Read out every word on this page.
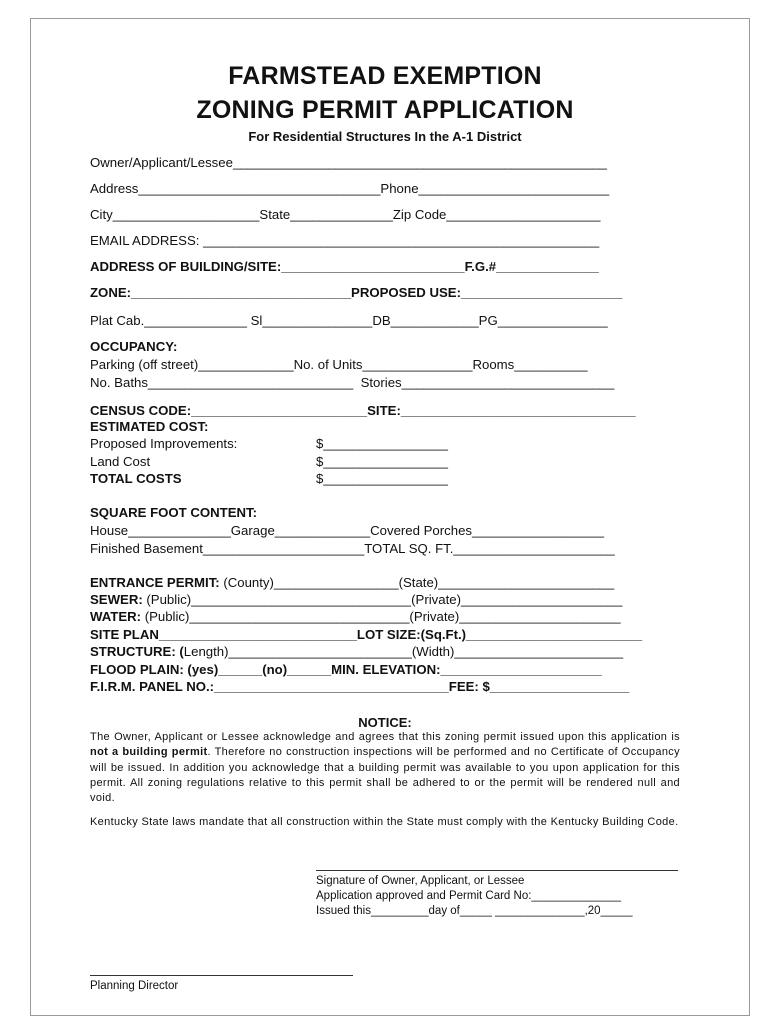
FARMSTEAD EXEMPTION
ZONING PERMIT APPLICATION
For Residential Structures In the A-1 District
Owner/Applicant/Lessee___________________________________________________
Address_________________________________Phone__________________________
City____________________State______________Zip Code_____________________
EMAIL ADDRESS: ______________________________________________________
ADDRESS OF BUILDING/SITE:_________________________F.G.#______________
ZONE:______________________________PROPOSED USE:______________________
Plat Cab.______________ Sl_______________DB____________PG_______________
OCCUPANCY:
Parking (off street)_____________No. of Units_______________Rooms__________
No. Baths____________________________  Stories_____________________________
CENSUS CODE:________________________SITE:________________________________
ESTIMATED COST:
Proposed Improvements:	$_________________
Land Cost	$_________________
TOTAL COSTS	$_________________
SQUARE FOOT CONTENT:
House______________Garage_____________Covered Porches__________________
Finished Basement______________________TOTAL SQ. FT.______________________
ENTRANCE PERMIT: (County)_________________(State)________________________
SEWER: (Public)______________________________(Private)______________________
WATER: (Public)______________________________(Private)______________________
SITE PLAN___________________________LOT SIZE:(Sq.Ft.)________________________
STRUCTURE: (Length)_________________________(Width)_______________________
FLOOD PLAIN: (yes)______(no)______MIN. ELEVATION:______________________
F.I.R.M. PANEL NO.:________________________________FEE: $___________________
NOTICE:
The Owner, Applicant or Lessee acknowledge and agrees that this zoning permit issued upon this application is not a building permit. Therefore no construction inspections will be performed and no Certificate of Occupancy will be issued. In addition you acknowledge that a building permit was available to you upon application for this permit. All zoning regulations relative to this permit shall be adhered to or the permit will be rendered null and void.
Kentucky State laws mandate that all construction within the State must comply with the Kentucky Building Code.
Signature of Owner, Applicant, or Lessee
Application approved and Permit Card No:______________
Issued this_________day of_____ ______________,20_____
Planning Director
